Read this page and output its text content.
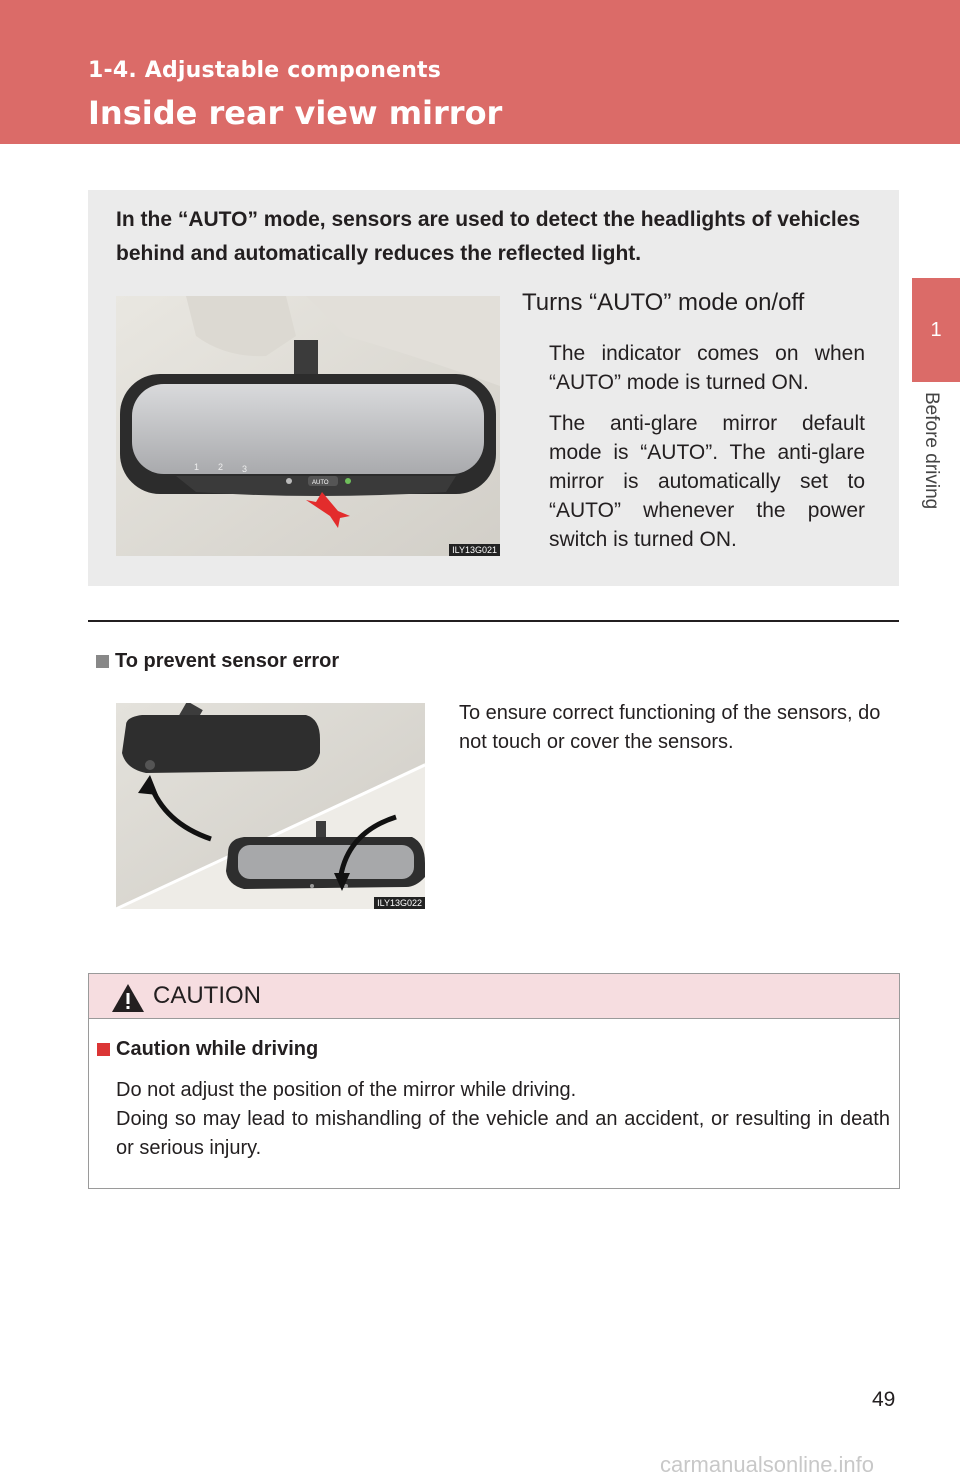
1-4. Adjustable components
Inside rear view mirror
1
Before driving
In the “AUTO” mode, sensors are used to detect the headlights of vehicles behind and automatically reduces the reflected light.
1 2 3
AUTO
ILY13G021
Turns “AUTO” mode on/off
The indicator comes on when “AUTO” mode is turned ON.
The anti-glare mirror default mode is “AUTO”. The anti-glare mirror is automatically set to “AUTO” whenever the power switch is turned ON.
To prevent sensor error
ILY13G022
To ensure correct functioning of the sensors, do not touch or cover the sensors.
CAUTION
Caution while driving
Do not adjust the position of the mirror while driving.
Doing so may lead to mishandling of the vehicle and an accident, or resulting in death or serious injury.
49
carmanualsonline.info
